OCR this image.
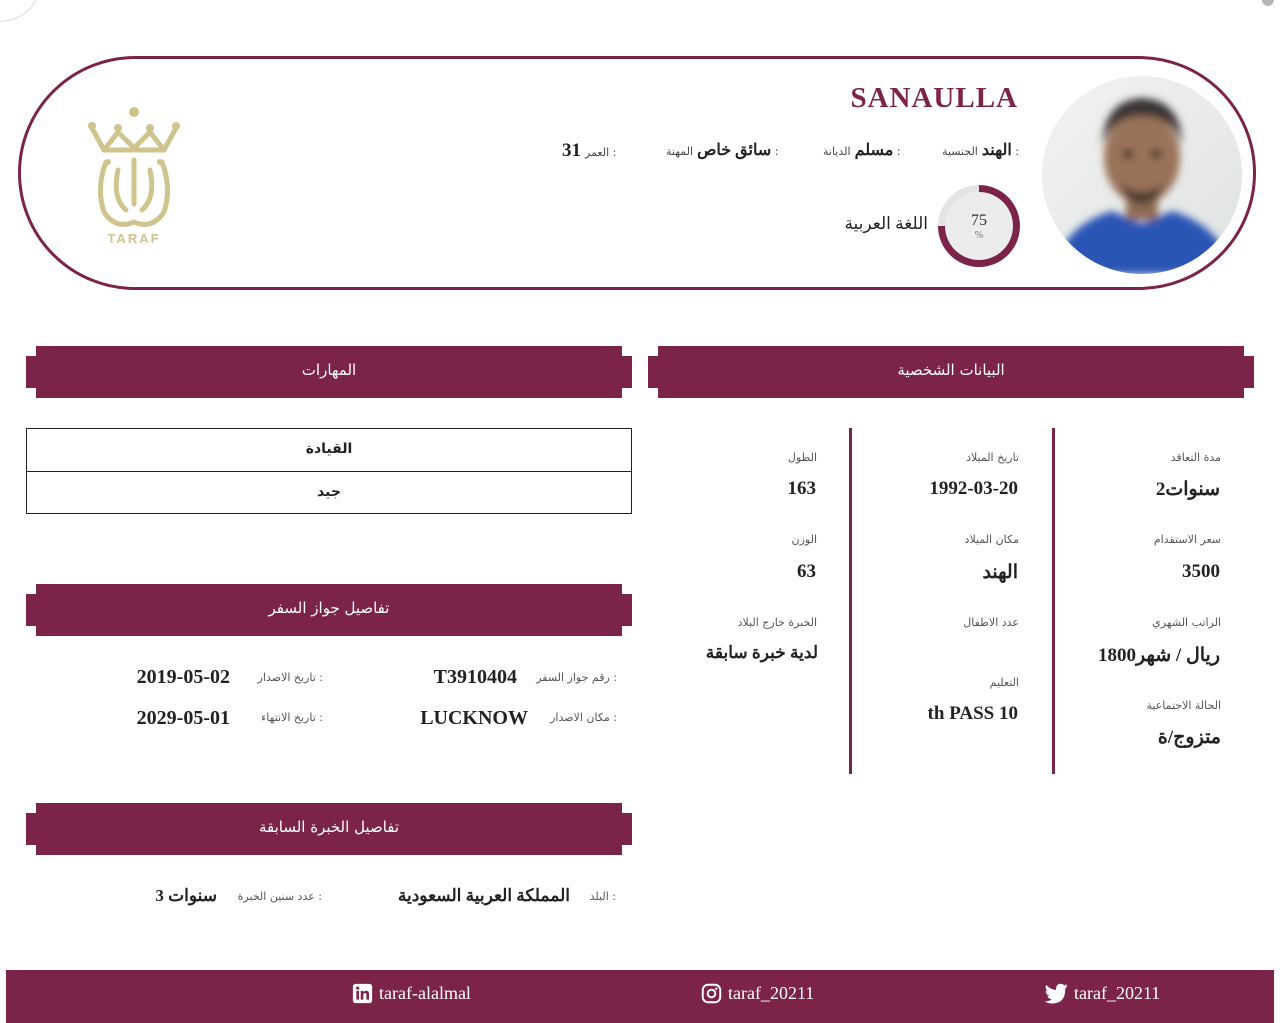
SANAULLA
الهند الجنسية :
مسلم الديانة :
سائق خاص المهنة :
31 العمر :
75
%
اللغة العربية
TARAF
البيانات الشخصية
المهارات
مدة التعاقد
2سنوات
سعر الاستقدام
3500
الراتب الشهري
1800ريال / شهر
الحالة الاجتماعية
متزوج/ة
تاريخ الميلاد
1992-03-20
مكان الميلاد
الهند
عدد الاطفال
التعليم
th PASS 10
الطول
163
الوزن
63
الخبرة خارج البلاد
لدية خبرة سابقة
القيادة
جيد
تفاصيل جواز السفر
رقم جواز السفر :
T3910404
مكان الاصدار :
LUCKNOW
تاريخ الاصدار :
2019-05-02
تاريخ الانتهاء :
2029-05-01
تفاصيل الخبرة السابقة
البلد :
المملكة العربية السعودية
عدد سنين الخبرة :
3 سنوات
taraf-alalmal	taraf_20211	taraf_20211
